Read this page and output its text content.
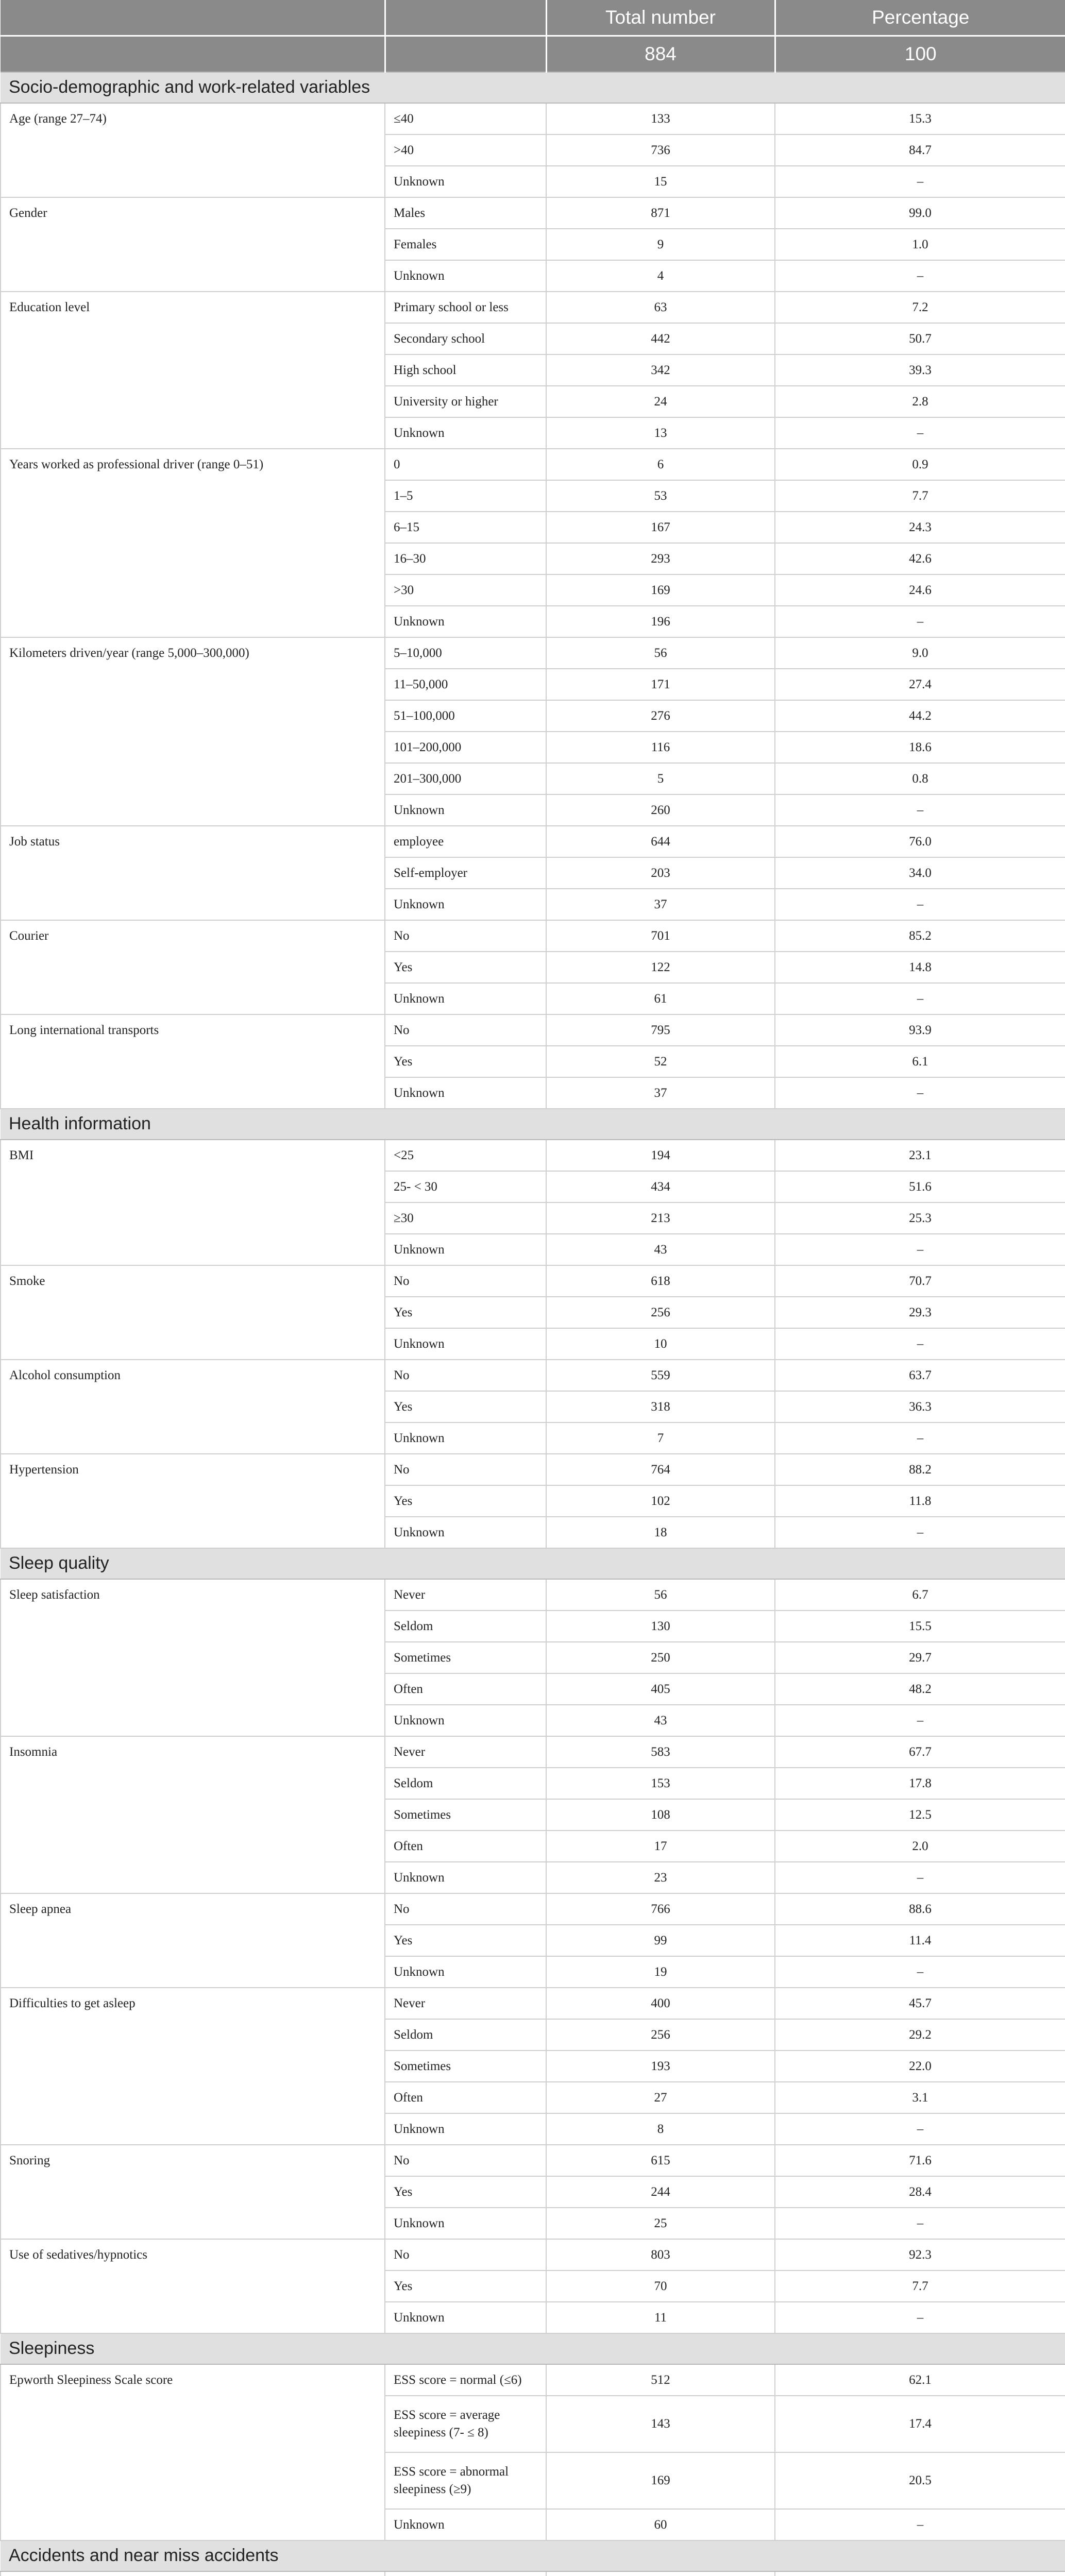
		Total number	Percentage
		884	100
Socio-demographic and work-related variables			
Age (range 27–74)	≤40	133	15.3
	>40	736	84.7
	Unknown	15	–
Gender	Males	871	99.0
	Females	9	1.0
	Unknown	4	–
Education level	Primary school or less	63	7.2
	Secondary school	442	50.7
	High school	342	39.3
	University or higher	24	2.8
	Unknown	13	–
Years worked as professional driver (range 0–51)	0	6	0.9
	1–5	53	7.7
	6–15	167	24.3
	16–30	293	42.6
	>30	169	24.6
	Unknown	196	–
Kilometers driven/year (range 5,000–300,000)	5–10,000	56	9.0
	11–50,000	171	27.4
	51–100,000	276	44.2
	101–200,000	116	18.6
	201–300,000	5	0.8
	Unknown	260	–
Job status	employee	644	76.0
	Self-employer	203	34.0
	Unknown	37	–
Courier	No	701	85.2
	Yes	122	14.8
	Unknown	61	–
Long international transports	No	795	93.9
	Yes	52	6.1
	Unknown	37	–
Health information			
BMI	<25	194	23.1
	25- < 30	434	51.6
	≥30	213	25.3
	Unknown	43	–
Smoke	No	618	70.7
	Yes	256	29.3
	Unknown	10	–
Alcohol consumption	No	559	63.7
	Yes	318	36.3
	Unknown	7	–
Hypertension	No	764	88.2
	Yes	102	11.8
	Unknown	18	–
Sleep quality			
Sleep satisfaction	Never	56	6.7
	Seldom	130	15.5
	Sometimes	250	29.7
	Often	405	48.2
	Unknown	43	–
Insomnia	Never	583	67.7
	Seldom	153	17.8
	Sometimes	108	12.5
	Often	17	2.0
	Unknown	23	–
Sleep apnea	No	766	88.6
	Yes	99	11.4
	Unknown	19	–
Difficulties to get asleep	Never	400	45.7
	Seldom	256	29.2
	Sometimes	193	22.0
	Often	27	3.1
	Unknown	8	–
Snoring	No	615	71.6
	Yes	244	28.4
	Unknown	25	–
Use of sedatives/hypnotics	No	803	92.3
	Yes	70	7.7
	Unknown	11	–
Sleepiness			
Epworth Sleepiness Scale score	ESS score = normal (≤6)	512	62.1
	ESS score = average sleepiness (7- ≤ 8)	143	17.4
	ESS score = abnormal sleepiness (≥9)	169	20.5
	Unknown	60	–
Accidents and near miss accidents			
